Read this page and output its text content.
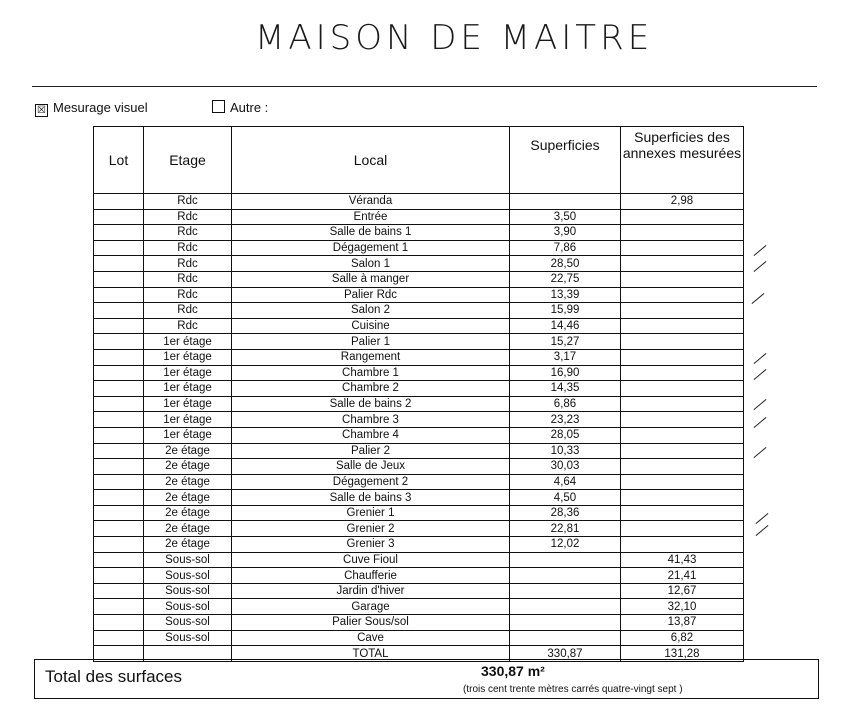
MAISON DE MAITRE
☒ Mesurage visuel	Autre :
Lot	Etage	Local	Superficies	Superficies des annexes mesurées
	Rdc	Véranda		2,98
	Rdc	Entrée	3,50	
	Rdc	Salle de bains 1	3,90	
	Rdc	Dégagement 1	7,86	
	Rdc	Salon 1	28,50	
	Rdc	Salle à manger	22,75	
	Rdc	Palier Rdc	13,39	
	Rdc	Salon 2	15,99	
	Rdc	Cuisine	14,46	
	1er étage	Palier 1	15,27	
	1er étage	Rangement	3,17	
	1er étage	Chambre 1	16,90	
	1er étage	Chambre 2	14,35	
	1er étage	Salle de bains 2	6,86	
	1er étage	Chambre 3	23,23	
	1er étage	Chambre 4	28,05	
	2e étage	Palier 2	10,33	
	2e étage	Salle de Jeux	30,03	
	2e étage	Dégagement 2	4,64	
	2e étage	Salle de bains 3	4,50	
	2e étage	Grenier 1	28,36	
	2e étage	Grenier 2	22,81	
	2e étage	Grenier 3	12,02	
	Sous-sol	Cuve Fioul		41,43
	Sous-sol	Chaufferie		21,41
	Sous-sol	Jardin d'hiver		12,67
	Sous-sol	Garage		32,10
	Sous-sol	Palier Sous/sol		13,87
	Sous-sol	Cave		6,82
		TOTAL	330,87	131,28
Total des surfaces	330,87 m²
(trois cent trente mètres carrés quatre-vingt sept )
